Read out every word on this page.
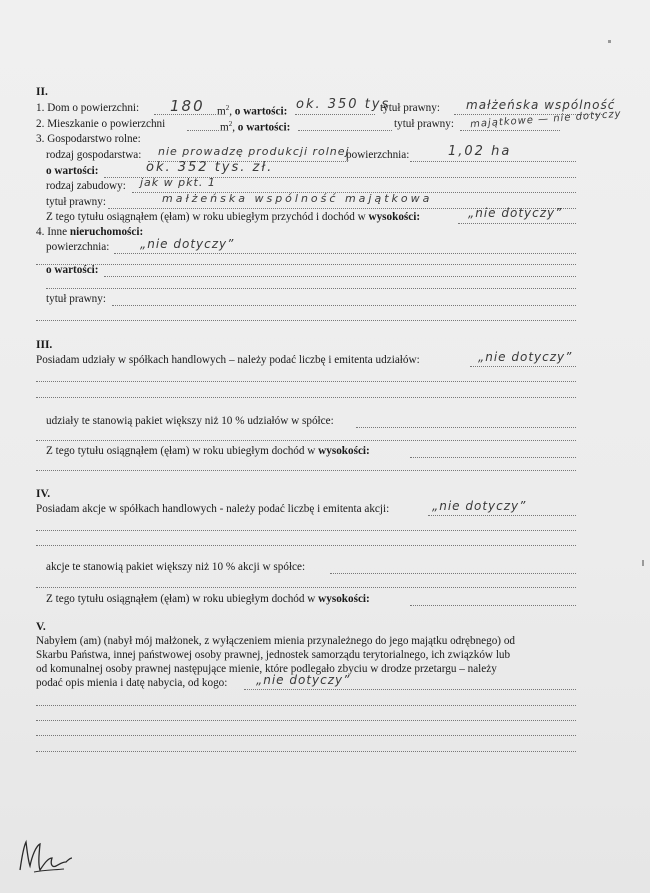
II.
1. Dom o powierzchni: 180 $m^2$, o wartości: ok. 350 tys
tytuł prawny: małżeńska wspólność
2. Mieszkanie o powierzchni	$m^2$, o wartości:	tytuł prawny: majątkowe — nie dotyczy
3. Gospodarstwo rolne:
rodzaj gospodarstwa: nie prowadzę produkcji rolnej
powierzchnia:	1,02 ha
o wartości:	ok. 352 tys. zł.
rodzaj zabudowy: jak w pkt. 1
tytuł prawny:	małżeńska wspólność majątkowa
Z tego tytułu osiągnąłem (ęłam) w roku ubiegłym przychód i dochód w wysokości:	„nie dotyczy”
4. Inne nieruchomości:
powierzchnia:	„nie dotyczy”
o wartości:
tytuł prawny:
III.
Posiadam udziały w spółkach handlowych – należy podać liczbę i emitenta udziałów:	„nie dotyczy”
udziały te stanowią pakiet większy niż 10 % udziałów w spółce:
Z tego tytułu osiągnąłem (ęłam) w roku ubiegłym dochód w wysokości:
IV.
Posiadam akcje w spółkach handlowych - należy podać liczbę i emitenta akcji:	„nie dotyczy”
akcje te stanowią pakiet większy niż 10 % akcji w spółce:
Z tego tytułu osiągnąłem (ęłam) w roku ubiegłym dochód w wysokości:
V.
Nabyłem (am) (nabył mój małżonek, z wyłączeniem mienia przynależnego do jego majątku odrębnego) od
Skarbu Państwa, innej państwowej osoby prawnej, jednostek samorządu terytorialnego, ich związków lub
od komunalnej osoby prawnej następujące mienie, które podlegało zbyciu w drodze przetargu – należy
podać opis mienia i datę nabycia, od kogo: „nie dotyczy”
